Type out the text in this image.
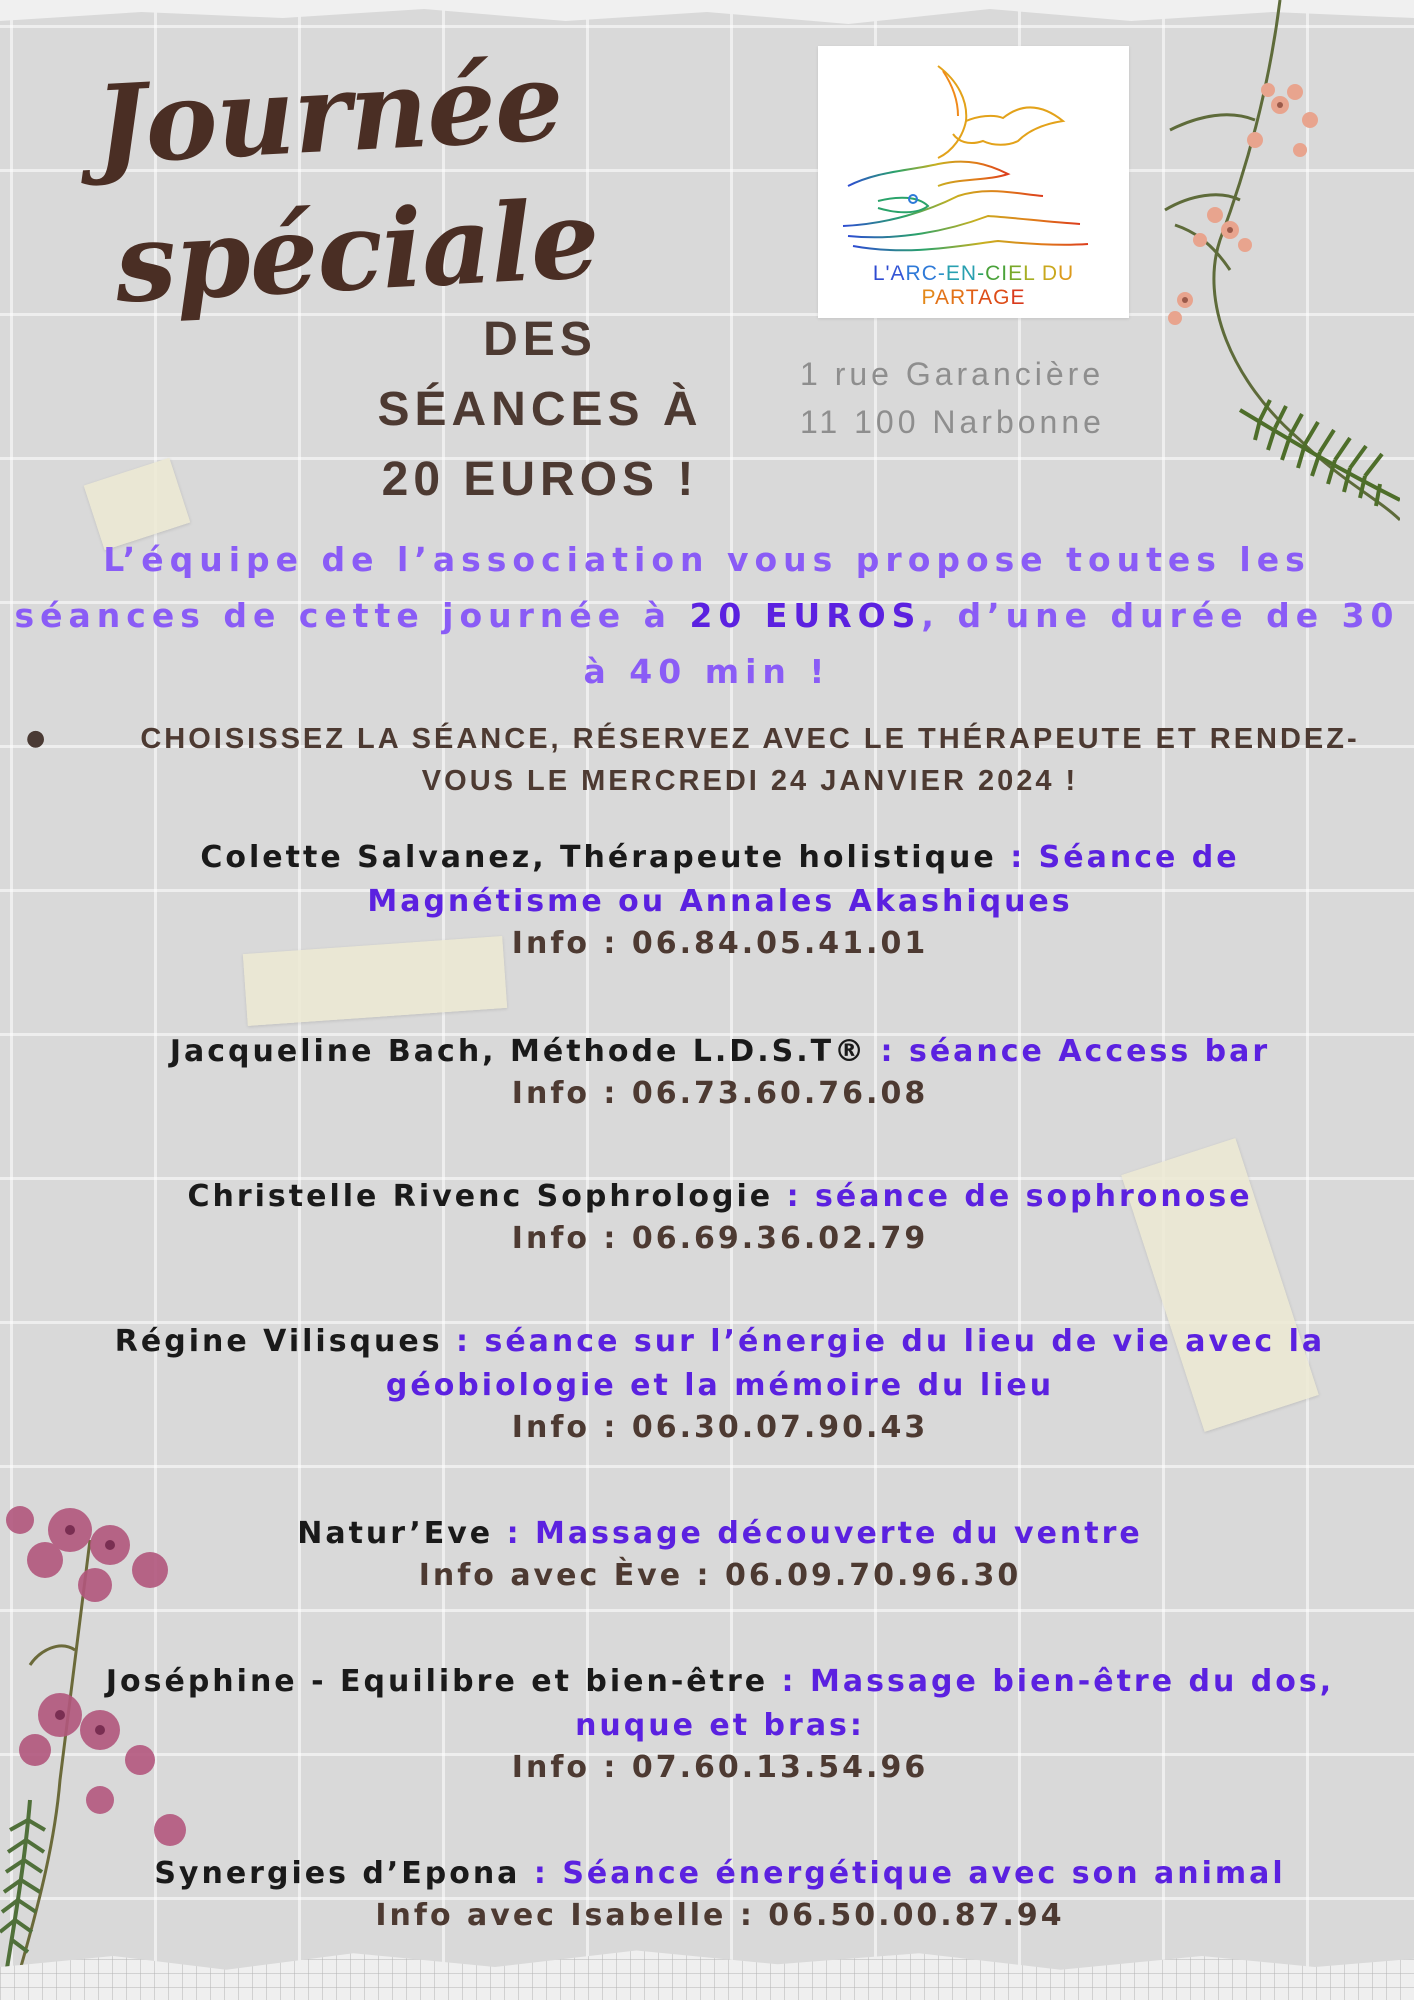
Journée
spéciale
DES
SÉANCES À
20 EUROS !
L'ARC-EN-CIEL DU PARTAGE
1 rue Garancière
11 100 Narbonne

L’équipe de l’association vous propose toutes les séances de cette journée à 20 EUROS, d’une durée de 30 à 40 min !

●	CHOISISSEZ LA SÉANCE, RÉSERVEZ AVEC LE THÉRAPEUTE ET RENDEZ-VOUS LE MERCREDI 24 JANVIER 2024 !

Colette Salvanez, Thérapeute holistique : Séance de Magnétisme ou Annales Akashiques
Info : 06.84.05.41.01
Jacqueline Bach, Méthode L.D.S.T® : séance Access bar
Info : 06.73.60.76.08
Christelle Rivenc Sophrologie : séance de sophronose
Info : 06.69.36.02.79
Régine Vilisques : séance sur l’énergie du lieu de vie avec la géobiologie et la mémoire du lieu
Info : 06.30.07.90.43
Natur’Eve : Massage découverte du ventre
Info avec Ève : 06.09.70.96.30
Joséphine - Equilibre et bien-être : Massage bien-être du dos, nuque et bras:
Info : 07.60.13.54.96
Synergies d’Epona : Séance énergétique avec son animal
Info avec Isabelle : 06.50.00.87.94
